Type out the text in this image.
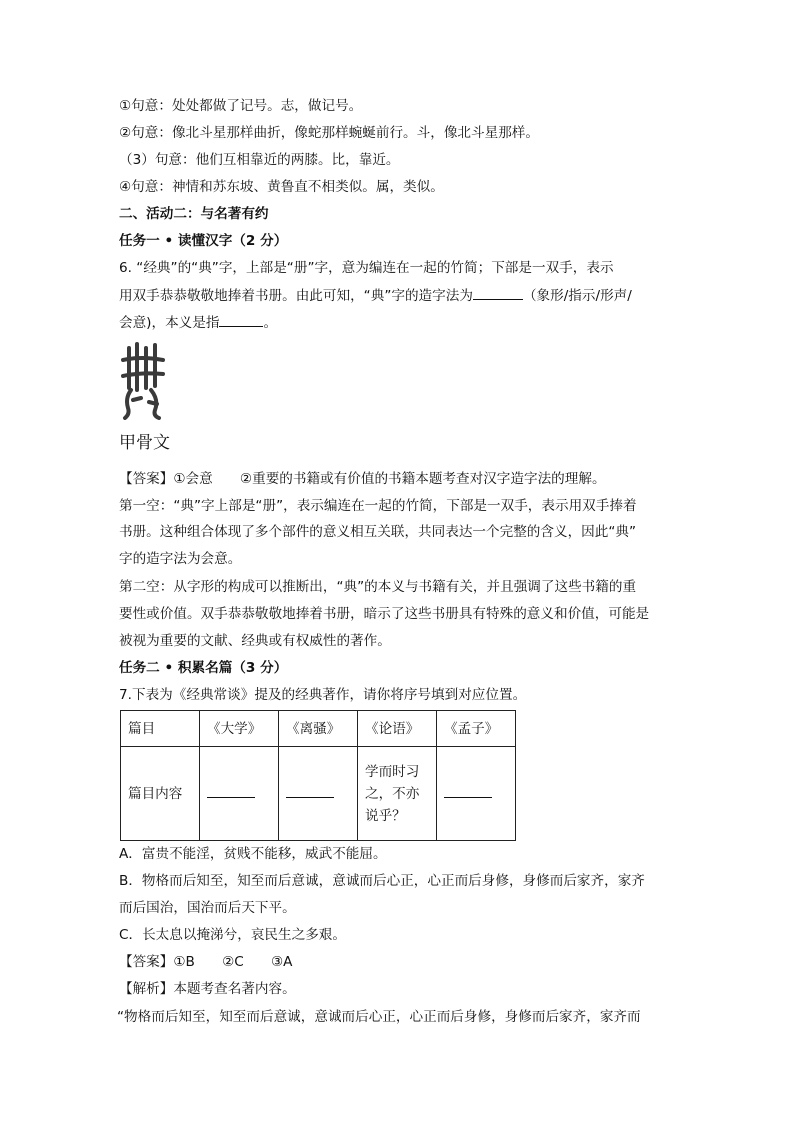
①句意：处处都做了记号。志，做记号。
②句意：像北斗星那样曲折，像蛇那样蜿蜒前行。斗，像北斗星那样。
（3）句意：他们互相靠近的两膝。比，靠近。
④句意：神情和苏东坡、黄鲁直不相类似。属，类似。
二、活动二：与名著有约
任务一 • 读懂汉字（2 分）
6. “经典”的“典”字，上部是“册”字，意为编连在一起的竹简；下部是一双手，表示
用双手恭恭敬敬地捧着书册。由此可知，“典”字的造字法为	（象形/指示/形声/
会意)，本义是指	。
甲骨文
【答案】①会意　　②重要的书籍或有价值的书籍本题考查对汉字造字法的理解。
第一空：“典”字上部是“册”，表示编连在一起的竹简，下部是一双手，表示用双手捧着
书册。这种组合体现了多个部件的意义相互关联，共同表达一个完整的含义，因此“典”
字的造字法为会意。
第二空：从字形的构成可以推断出，“典”的本义与书籍有关，并且强调了这些书籍的重
要性或价值。双手恭恭敬敬地捧着书册，暗示了这些书册具有特殊的意义和价值，可能是
被视为重要的文献、经典或有权威性的著作。
任务二 • 积累名篇（3 分）
7.下表为《经典常谈》提及的经典著作，请你将序号填到对应位置。
篇目	《大学》	《离骚》	《论语》	《孟子》
篇目内容			学而时习
之，不亦
说乎？	

A．富贵不能淫，贫贱不能移，威武不能屈。
B．物格而后知至，知至而后意诚，意诚而后心正，心正而后身修，身修而后家齐，家齐
而后国治，国治而后天下平。
C．长太息以掩涕兮，哀民生之多艰。
【答案】①B　　②C　　③A
【解析】本题考查名著内容。
“物格而后知至，知至而后意诚，意诚而后心正，心正而后身修，身修而后家齐，家齐而
